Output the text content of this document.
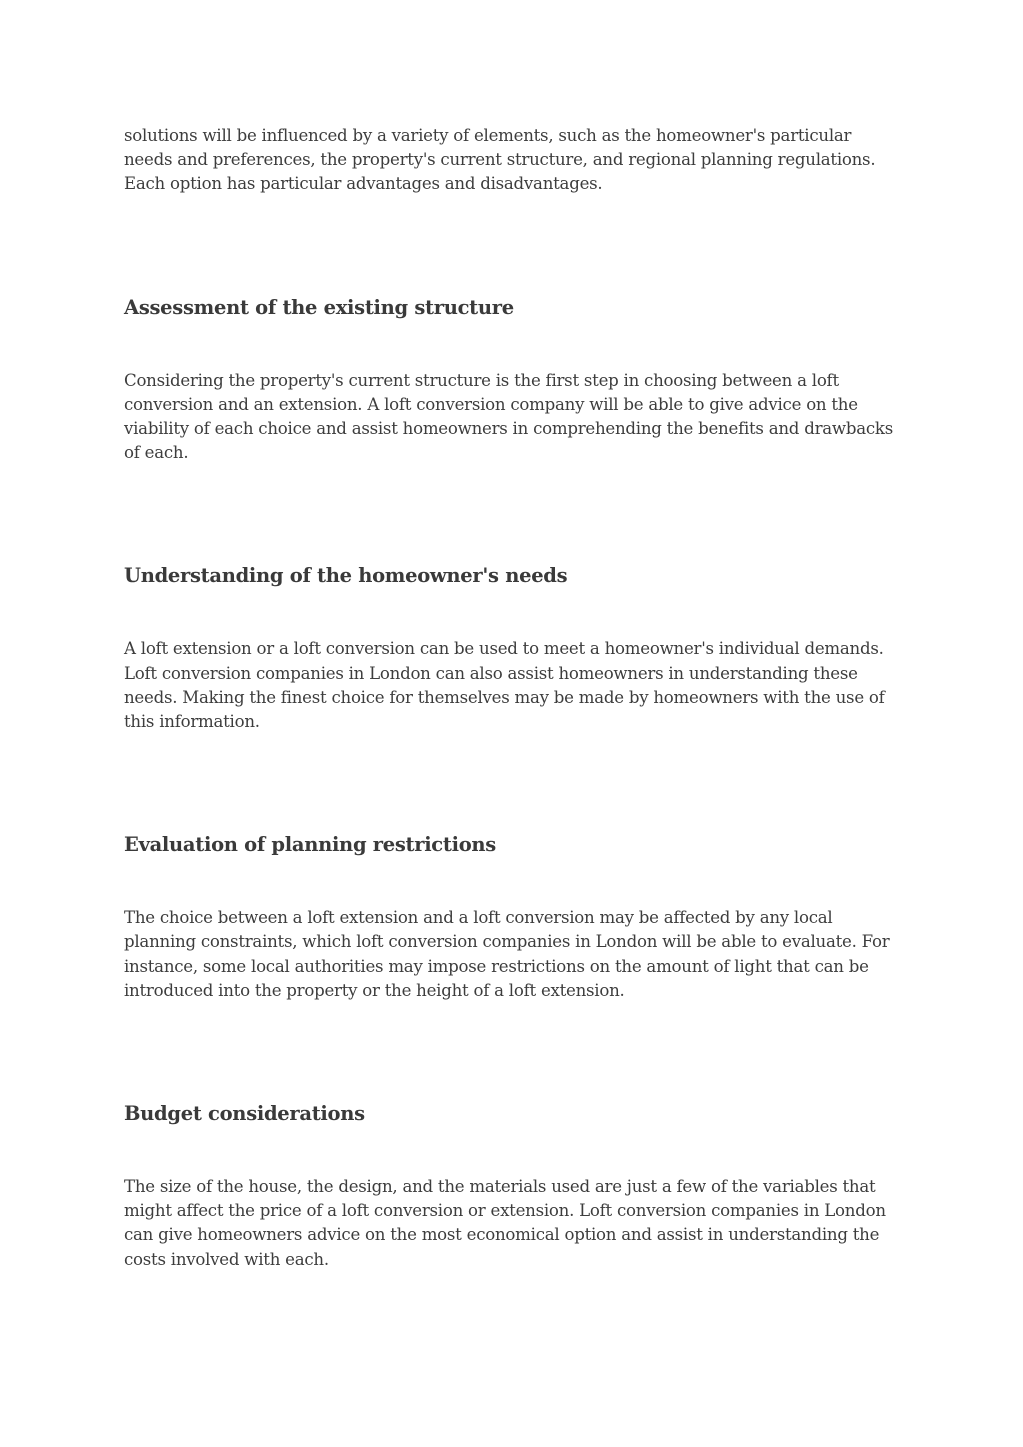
solutions will be influenced by a variety of elements, such as the homeowner's particular needs and preferences, the property's current structure, and regional planning regulations. Each option has particular advantages and disadvantages.

Assessment of the existing structure

Considering the property's current structure is the first step in choosing between a loft conversion and an extension. A loft conversion company will be able to give advice on the viability of each choice and assist homeowners in comprehending the benefits and drawbacks of each.

Understanding of the homeowner's needs

A loft extension or a loft conversion can be used to meet a homeowner's individual demands. Loft conversion companies in London can also assist homeowners in understanding these needs. Making the finest choice for themselves may be made by homeowners with the use of this information.

Evaluation of planning restrictions

The choice between a loft extension and a loft conversion may be affected by any local planning constraints, which loft conversion companies in London will be able to evaluate. For instance, some local authorities may impose restrictions on the amount of light that can be introduced into the property or the height of a loft extension.

Budget considerations

The size of the house, the design, and the materials used are just a few of the variables that might affect the price of a loft conversion or extension. Loft conversion companies in London can give homeowners advice on the most economical option and assist in understanding the costs involved with each.
